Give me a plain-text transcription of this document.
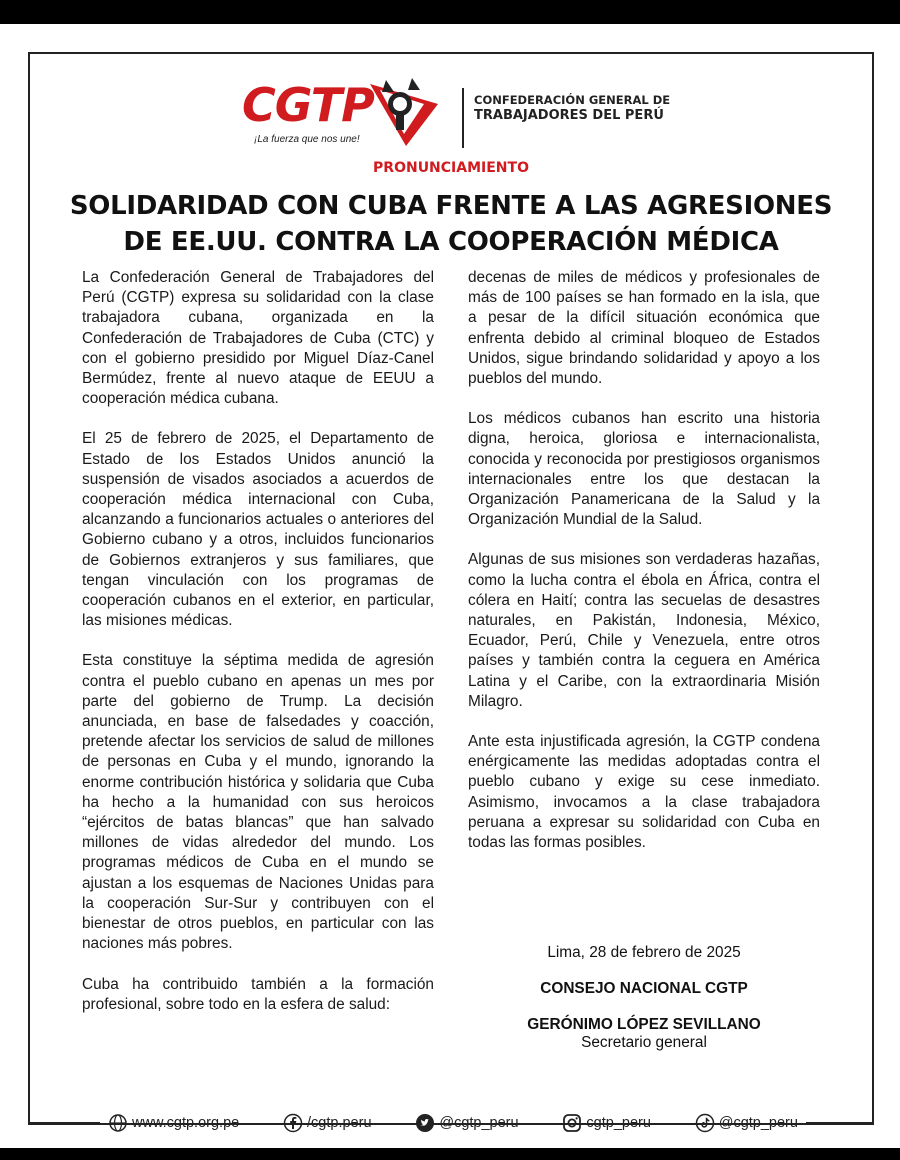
CGTP
¡La fuerza que nos une!
CONFEDERACIÓN GENERAL DE
TRABAJADORES DEL PERÚ
PRONUNCIAMIENTO
SOLIDARIDAD CON CUBA FRENTE A LAS AGRESIONES
DE EE.UU. CONTRA LA COOPERACIÓN MÉDICA

La Confederación General de Trabajadores del Perú (CGTP) expresa su solidaridad con la clase trabajadora cubana, organizada en la Confederación de Trabajadores de Cuba (CTC) y con el gobierno presidido por Miguel Díaz-Canel Bermúdez, frente al nuevo ataque de EEUU a cooperación médica cubana.

El 25 de febrero de 2025, el Departamento de Estado de los Estados Unidos anunció la suspensión de visados asociados a acuerdos de cooperación médica internacional con Cuba, alcanzando a funcionarios actuales o anteriores del Gobierno cubano y a otros, incluidos funcionarios de Gobiernos extranjeros y sus familiares, que tengan vinculación con los programas de cooperación cubanos en el exterior, en particular, las misiones médicas.

Esta constituye la séptima medida de agresión contra el pueblo cubano en apenas un mes por parte del gobierno de Trump. La decisión anunciada, en base de falsedades y coacción, pretende afectar los servicios de salud de millones de personas en Cuba y el mundo, ignorando la enorme contribución histórica y solidaria que Cuba ha hecho a la humanidad con sus heroicos “ejércitos de batas blancas” que han salvado millones de vidas alrededor del mundo. Los programas médicos de Cuba en el mundo se ajustan a los esquemas de Naciones Unidas para la cooperación Sur-Sur y contribuyen con el bienestar de otros pueblos, en particular con las naciones más pobres.

Cuba ha contribuido también a la formación profesional, sobre todo en la esfera de salud:

decenas de miles de médicos y profesionales de más de 100 países se han formado en la isla, que a pesar de la difícil situación económica que enfrenta debido al criminal bloqueo de Estados Unidos, sigue brindando solidaridad y apoyo a los pueblos del mundo.

Los médicos cubanos han escrito una historia digna, heroica, gloriosa e internacionalista, conocida y reconocida por prestigiosos organismos internacionales entre los que destacan la Organización Panamericana de la Salud y la Organización Mundial de la Salud.

Algunas de sus misiones son verdaderas hazañas, como la lucha contra el ébola en África, contra el cólera en Haití; contra las secuelas de desastres naturales, en Pakistán, Indonesia, México, Ecuador, Perú, Chile y Venezuela, entre otros países y también contra la ceguera en América Latina y el Caribe, con la extraordinaria Misión Milagro.

Ante esta injustificada agresión, la CGTP condena enérgicamente las medidas adoptadas contra el pueblo cubano y exige su cese inmediato. Asimismo, invocamos a la clase trabajadora peruana a expresar su solidaridad con Cuba en todas las formas posibles.

Lima, 28 de febrero de 2025
CONSEJO NACIONAL CGTP
GERÓNIMO LÓPEZ SEVILLANO
Secretario general
www.cgtp.org.pe	/cgtp.peru	@cgtp_peru	cgtp_peru	@cgtp_peru
